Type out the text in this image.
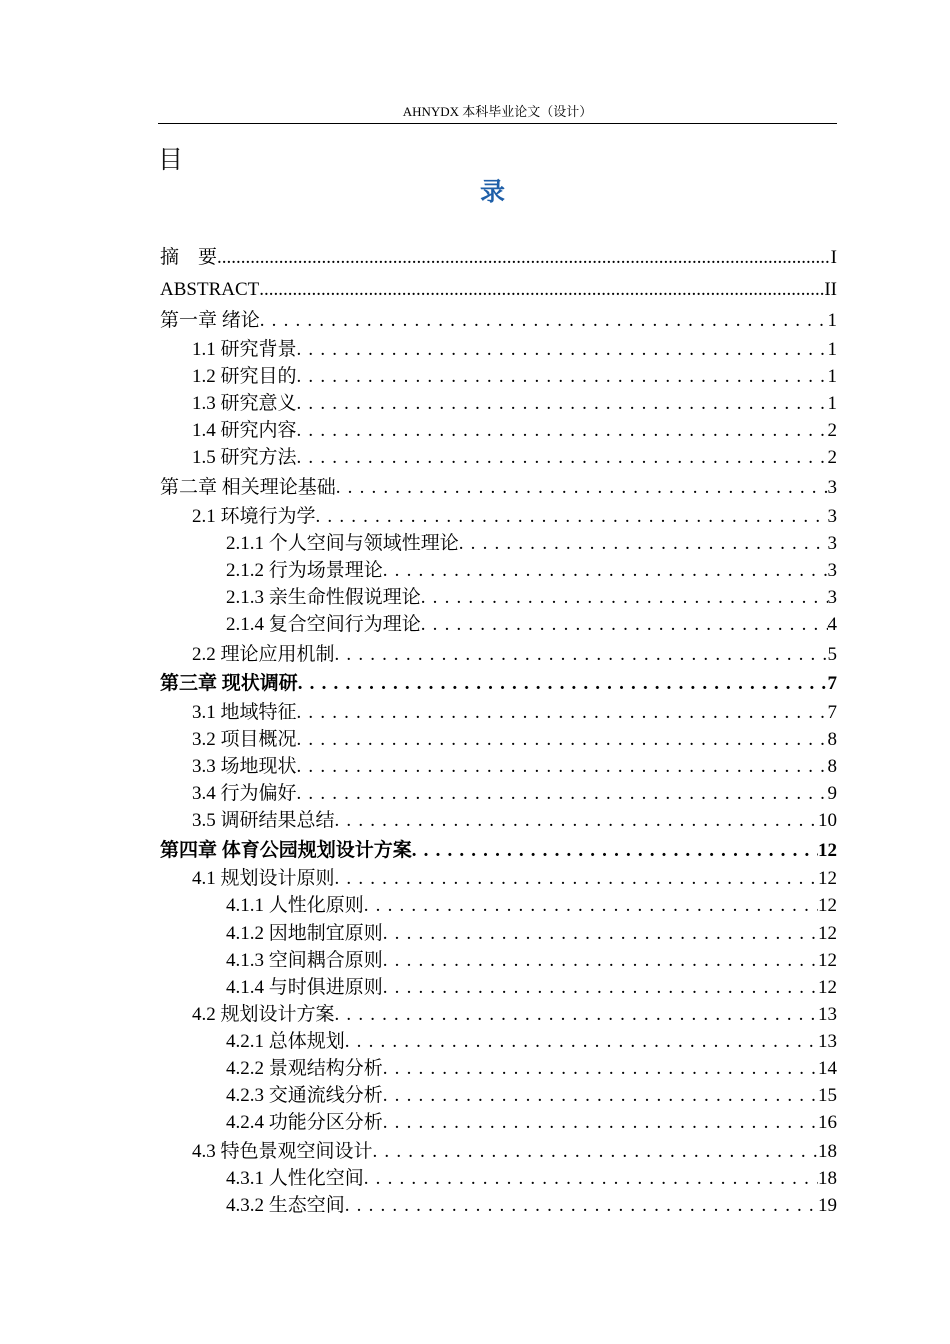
AHNYDX 本科毕业论文（设计）
目
录
摘　要 .....	I
ABSTRACT .....	II
第一章 绪论 . . .	1
1.1 研究背景 . . .	1
1.2 研究目的 . . .	1
1.3 研究意义 . . .	1
1.4 研究内容 . . .	2
1.5 研究方法 . . .	2
第二章 相关理论基础 . . .	3
2.1 环境行为学 . . .	3
2.1.1 个人空间与领域性理论 . . .	3
2.1.2 行为场景理论 . . .	3
2.1.3 亲生命性假说理论 . . .	3
2.1.4 复合空间行为理论 . . .	4
2.2 理论应用机制 . . .	5
第三章 现状调研 . . .	7
3.1 地域特征 . . .	7
3.2 项目概况 . . .	8
3.3 场地现状 . . .	8
3.4 行为偏好 . . .	9
3.5 调研结果总结 . . .	10
第四章 体育公园规划设计方案 . . .	12
4.1 规划设计原则 . . .	12
4.1.1 人性化原则 . . .	12
4.1.2 因地制宜原则 . . .	12
4.1.3 空间耦合原则 . . .	12
4.1.4 与时俱进原则 . . .	12
4.2 规划设计方案 . . .	13
4.2.1 总体规划 . . .	13
4.2.2 景观结构分析 . . .	14
4.2.3 交通流线分析 . . .	15
4.2.4 功能分区分析 . . .	16
4.3 特色景观空间设计 . . .	18
4.3.1 人性化空间 . . .	18
4.3.2 生态空间 . . .	19
